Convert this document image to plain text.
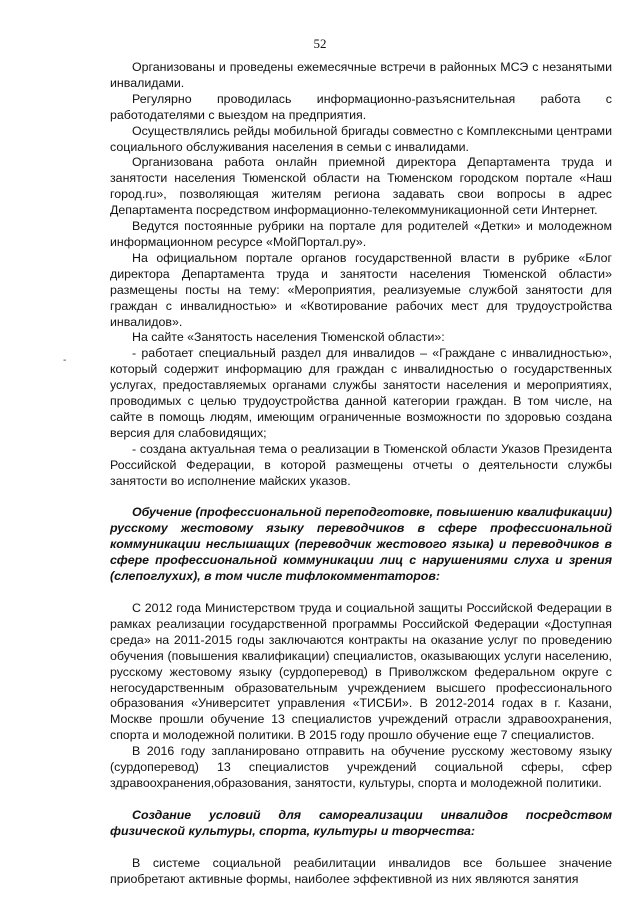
52
-

Организованы и проведены ежемесячные встречи в районных МСЭ с незанятыми инвалидами.

Регулярно проводилась информационно-разъяснительная работа с работодателями с выездом на предприятия.

Осуществлялись рейды мобильной бригады совместно с Комплексными центрами социального обслуживания населения в семьи с инвалидами.

Организована работа онлайн приемной директора Департамента труда и занятости населения Тюменской области на Тюменском городском портале «Наш город.ru», позволяющая жителям региона задавать свои вопросы в адрес Департамента посредством информационно-телекоммуникационной сети Интернет.

Ведутся постоянные рубрики на портале для родителей «Детки» и молодежном информационном ресурсе «МойПортал.ру».

На официальном портале органов государственной власти в рубрике «Блог директора Департамента труда и занятости населения Тюменской области» размещены посты на тему: «Мероприятия, реализуемые службой занятости для граждан с инвалидностью» и «Квотирование рабочих мест для трудоустройства инвалидов».

На сайте «Занятость населения Тюменской области»:

- работает специальный раздел для инвалидов – «Граждане с инвалидностью», который содержит информацию для граждан с инвалидностью о государственных услугах, предоставляемых органами службы занятости населения и мероприятиях, проводимых с целью трудоустройства данной категории граждан. В том числе, на сайте в помощь людям, имеющим ограниченные возможности по здоровью создана версия для слабовидящих;

- создана актуальная тема о реализации в Тюменской области Указов Президента Российской Федерации, в которой размещены отчеты о деятельности службы занятости во исполнение майских указов.

Обучение (профессиональной переподготовке, повышению квалификации) русскому жестовому языку переводчиков в сфере профессиональной коммуникации неслышащих (переводчик жестового языка) и переводчиков в сфере профессиональной коммуникации лиц с нарушениями слуха и зрения (слепоглухих), в том числе тифлокомментаторов:

С 2012 года Министерством труда и социальной защиты Российской Федерации в рамках реализации государственной программы Российской Федерации «Доступная среда» на 2011-2015 годы заключаются контракты на оказание услуг по проведению обучения (повышения квалификации) специалистов, оказывающих услуги населению, русскому жестовому языку (сурдоперевод) в Приволжском федеральном округе с негосударственным образовательным учреждением высшего профессионального образования «Университет управления «ТИСБИ». В 2012-2014 годах в г. Казани, Москве прошли обучение 13 специалистов учреждений отрасли здравоохранения, спорта и молодежной политики. В 2015 году прошло обучение еще 7 специалистов.

В 2016 году запланировано отправить на обучение русскому жестовому языку (сурдоперевод) 13 специалистов учреждений социальной сферы, сфер здравоохранения,образования, занятости, культуры, спорта и молодежной политики.

Создание условий для самореализации инвалидов посредством физической культуры, спорта, культуры и творчества:

В системе социальной реабилитации инвалидов все большее значение приобретают активные формы, наиболее эффективной из них являются занятия
